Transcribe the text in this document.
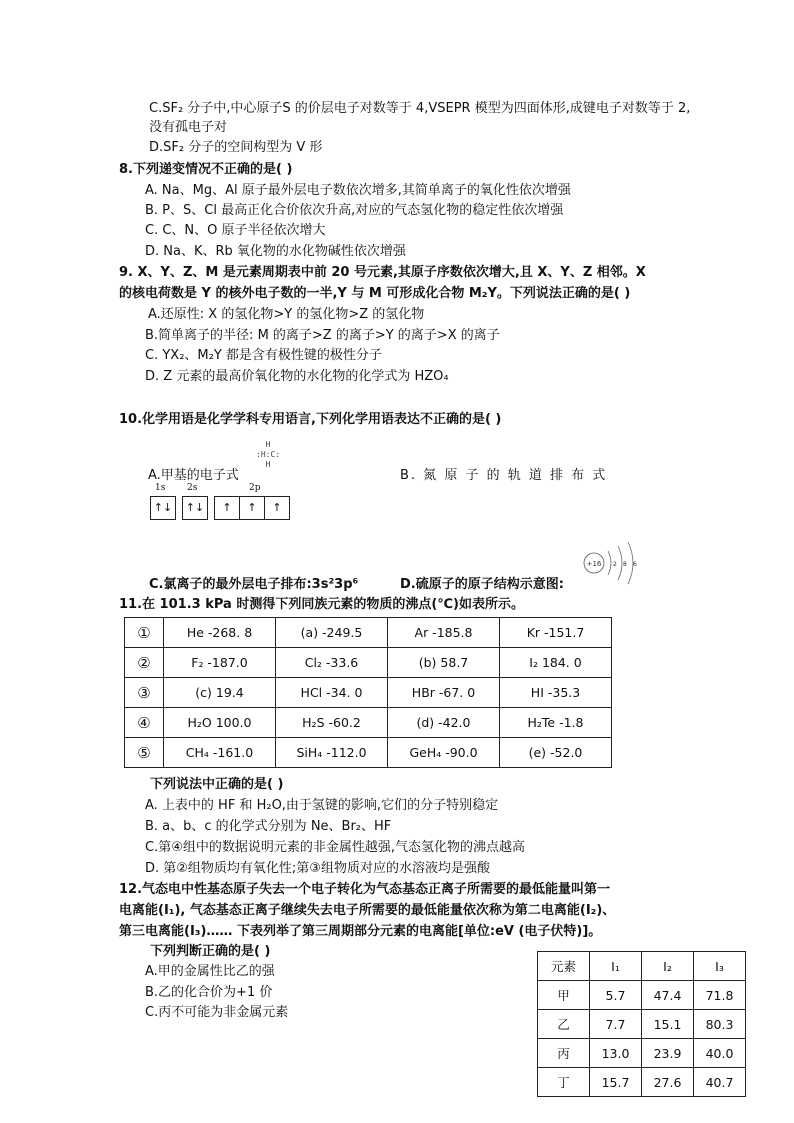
C.SF₂ 分子中,中心原子S 的价层电子对数等于 4,VSEPR 模型为四面体形,成键电子对数等于 2,
没有孤电子对
D.SF₂ 分子的空间构型为 V 形
8.下列递变情况不正确的是( )
A. Na、Mg、Al 原子最外层电子数依次增多,其简单离子的氧化性依次增强
B. P、S、Cl 最高正化合价依次升高,对应的气态氢化物的稳定性依次增强
C. C、N、O 原子半径依次增大
D. Na、K、Rb 氧化物的水化物碱性依次增强
9. X、Y、Z、M 是元素周期表中前 20 号元素,其原子序数依次增大,且 X、Y、Z 相邻。X
的核电荷数是 Y 的核外电子数的一半,Y 与 M 可形成化合物 M₂Y。下列说法正确的是( )
A.还原性: X 的氢化物>Y 的氢化物>Z 的氢化物
B.简单离子的半径: M 的离子>Z 的离子>Y 的离子>X 的离子
C. YX₂、M₂Y 都是含有极性键的极性分子
D. Z 元素的最高价氧化物的水化物的化学式为 HZO₄
10.化学用语是化学学科专用语言,下列化学用语表达不正确的是( )
H
:H:C:
H
A.甲基的电子式	B. 氮 原 子 的 轨 道 排 布 式
1s 2s	2p
↑↓ ↑↓ ↑ ↑ ↑
+16 2 8 6
C.氯离子的最外层电子排布:3s²3p⁶	D.硫原子的原子结构示意图:
11.在 101.3 kPa 时测得下列同族元素的物质的沸点(℃)如表所示。
①	He -268. 8	(a) -249.5	Ar -185.8	Kr -151.7
②	F₂ -187.0	Cl₂ -33.6	(b) 58.7	I₂ 184. 0
③	(c) 19.4	HCl -34. 0	HBr -67. 0	HI -35.3
④	H₂O 100.0	H₂S -60.2	(d) -42.0	H₂Te -1.8
⑤	CH₄ -161.0	SiH₄ -112.0	GeH₄ -90.0	(e) -52.0
下列说法中正确的是( )
A. 上表中的 HF 和 H₂O,由于氢键的影响,它们的分子特别稳定
B. a、b、c 的化学式分别为 Ne、Br₂、HF
C.第④组中的数据说明元素的非金属性越强,气态氢化物的沸点越高
D. 第②组物质均有氧化性;第③组物质对应的水溶液均是强酸
12.气态电中性基态原子失去一个电子转化为气态基态正离子所需要的最低能量叫第一
电离能(I₁), 气态基态正离子继续失去电子所需要的最低能量依次称为第二电离能(I₂)、
第三电离能(I₃)…… 下表列举了第三周期部分元素的电离能[单位:eV (电子伏特)]。
下列判断正确的是( )
A.甲的金属性比乙的强
B.乙的化合价为+1 价
C.丙不可能为非金属元素
元素	I₁	I₂	I₃
甲	5.7	47.4	71.8
乙	7.7	15.1	80.3
丙	13.0	23.9	40.0
丁	15.7	27.6	40.7
